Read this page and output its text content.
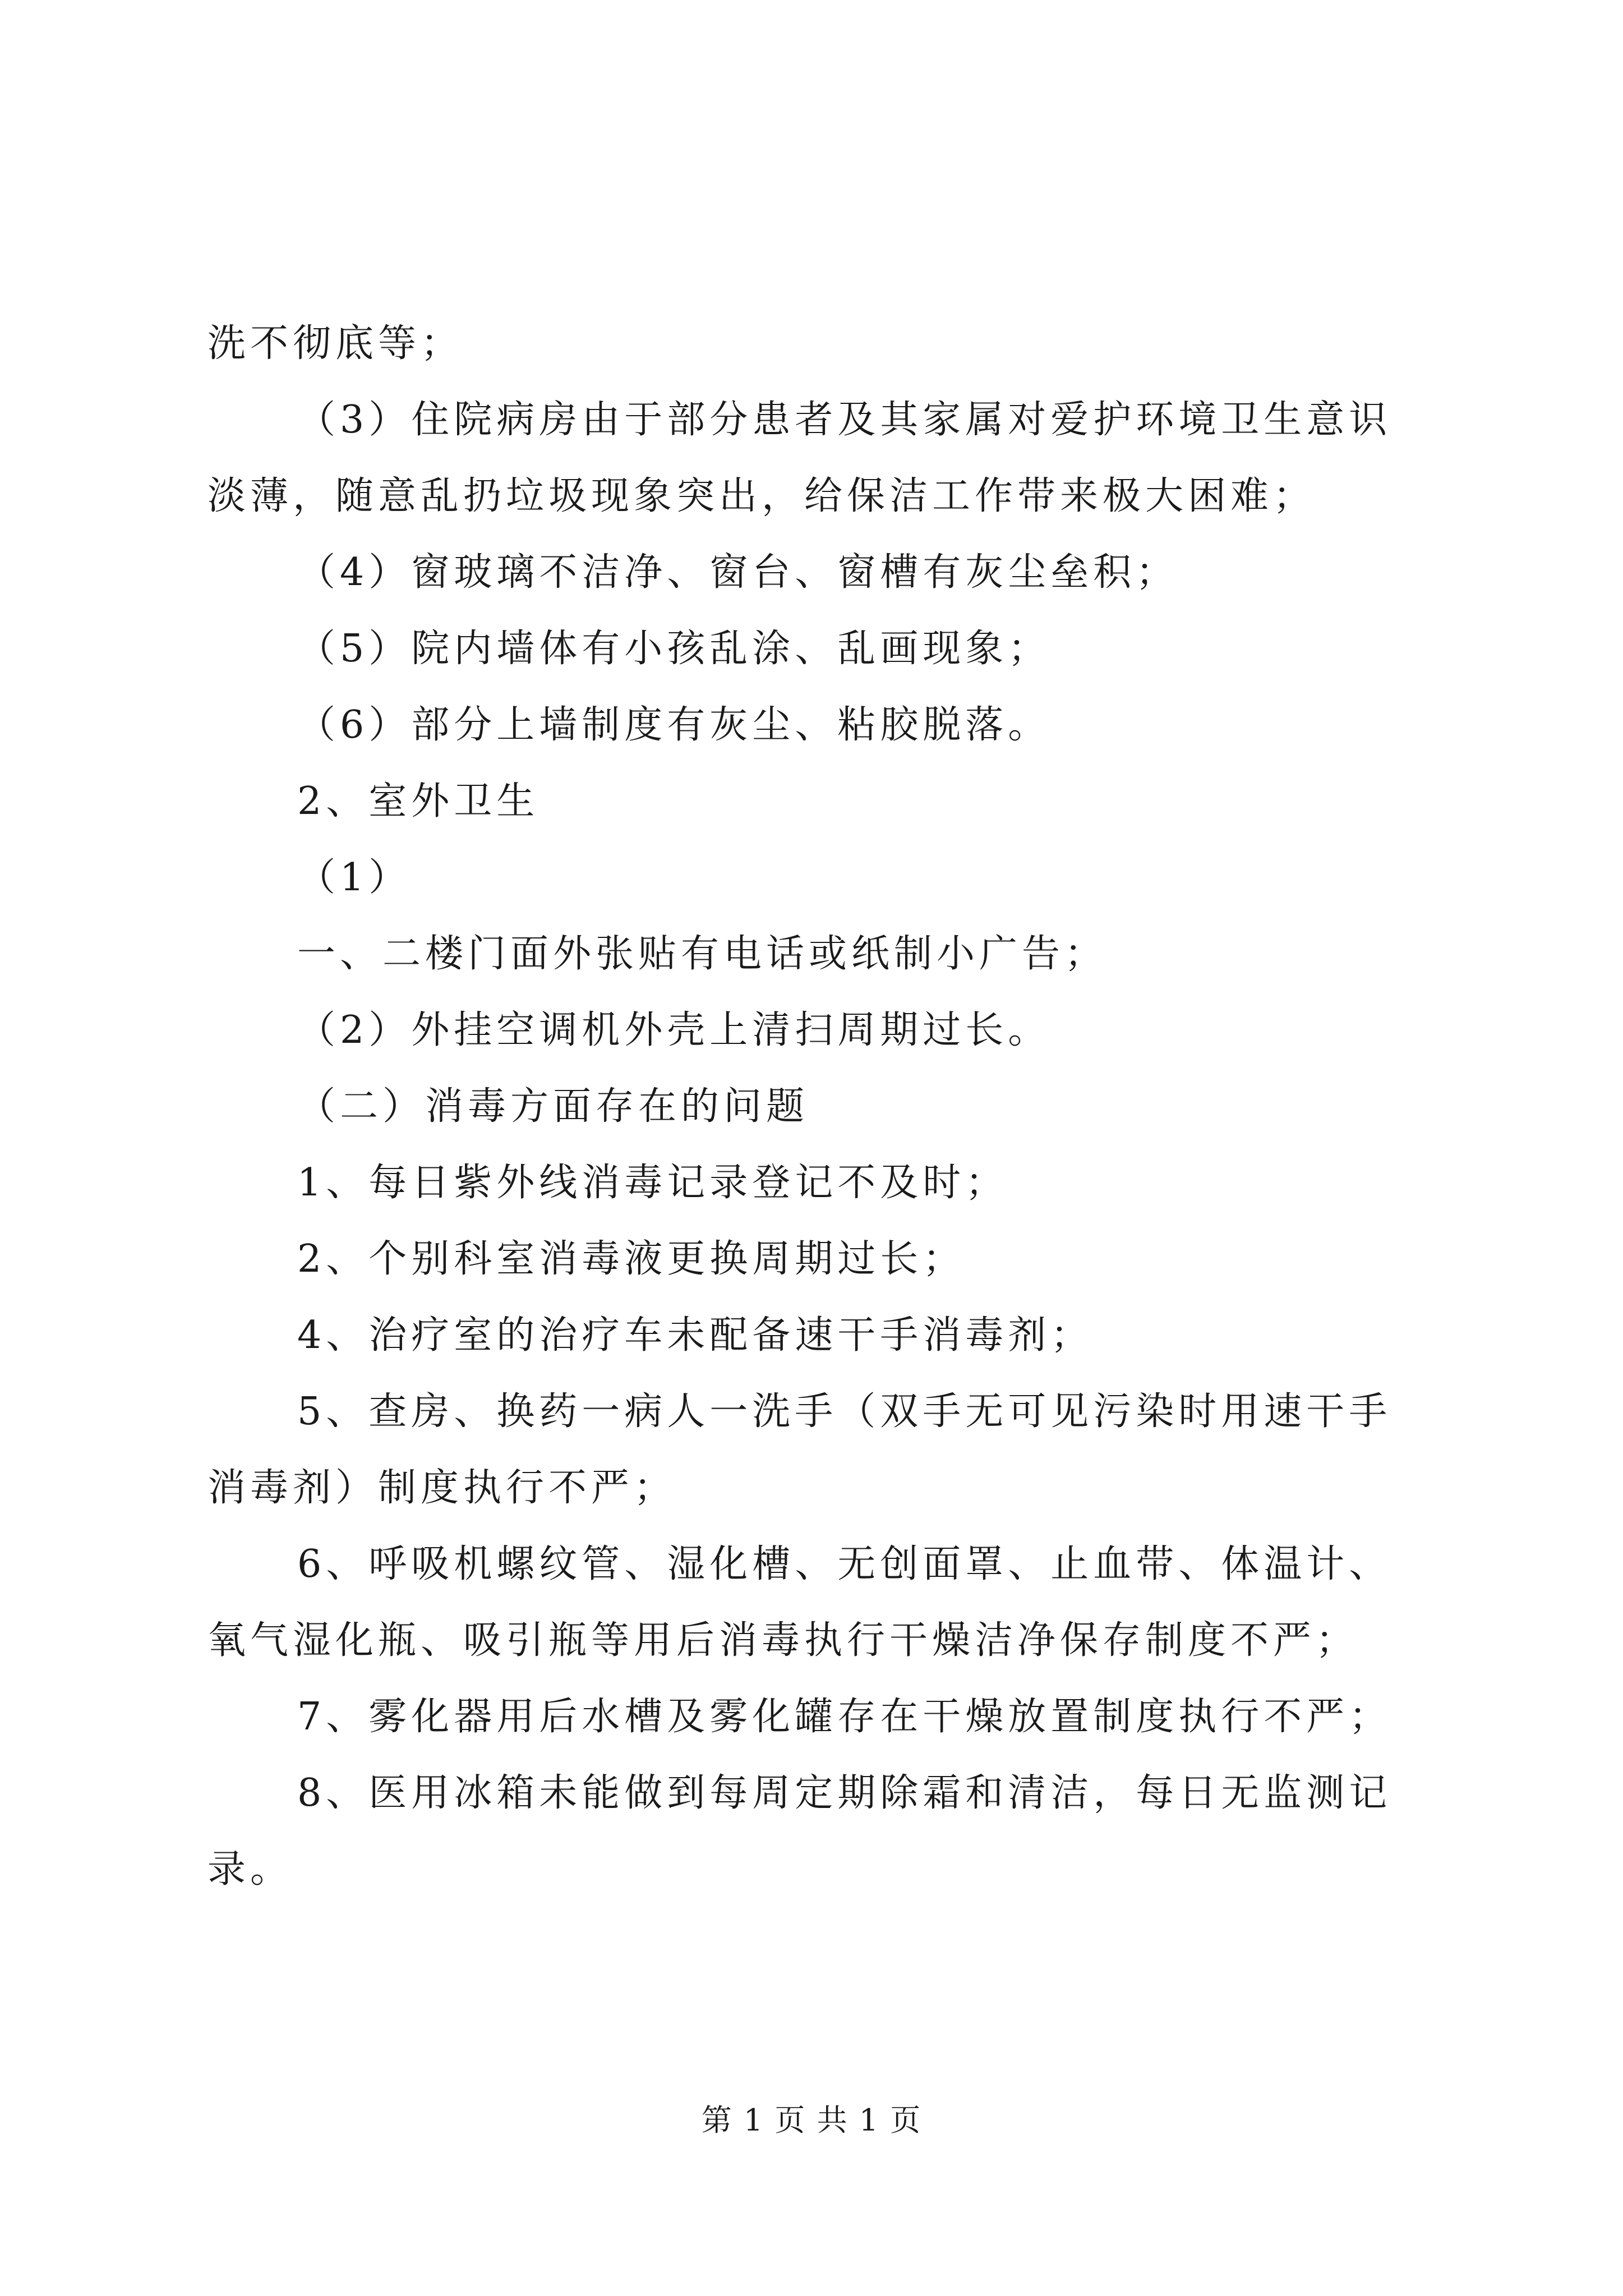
洗不彻底等；
（3）住院病房由于部分患者及其家属对爱护环境卫生意识
淡薄，随意乱扔垃圾现象突出，给保洁工作带来极大困难；
（4）窗玻璃不洁净、窗台、窗槽有灰尘垒积；
（5）院内墙体有小孩乱涂、乱画现象；
（6）部分上墙制度有灰尘、粘胶脱落。
2、室外卫生
（1）
一、二楼门面外张贴有电话或纸制小广告；
（2）外挂空调机外壳上清扫周期过长。
（二）消毒方面存在的问题
1、每日紫外线消毒记录登记不及时；
2、个别科室消毒液更换周期过长；
4、治疗室的治疗车未配备速干手消毒剂；
5、查房、换药一病人一洗手（双手无可见污染时用速干手
消毒剂）制度执行不严；
6、呼吸机螺纹管、湿化槽、无创面罩、止血带、体温计、
氧气湿化瓶、吸引瓶等用后消毒执行干燥洁净保存制度不严；
7、雾化器用后水槽及雾化罐存在干燥放置制度执行不严；
8、医用冰箱未能做到每周定期除霜和清洁，每日无监测记
录。
第 1 页 共 1 页
